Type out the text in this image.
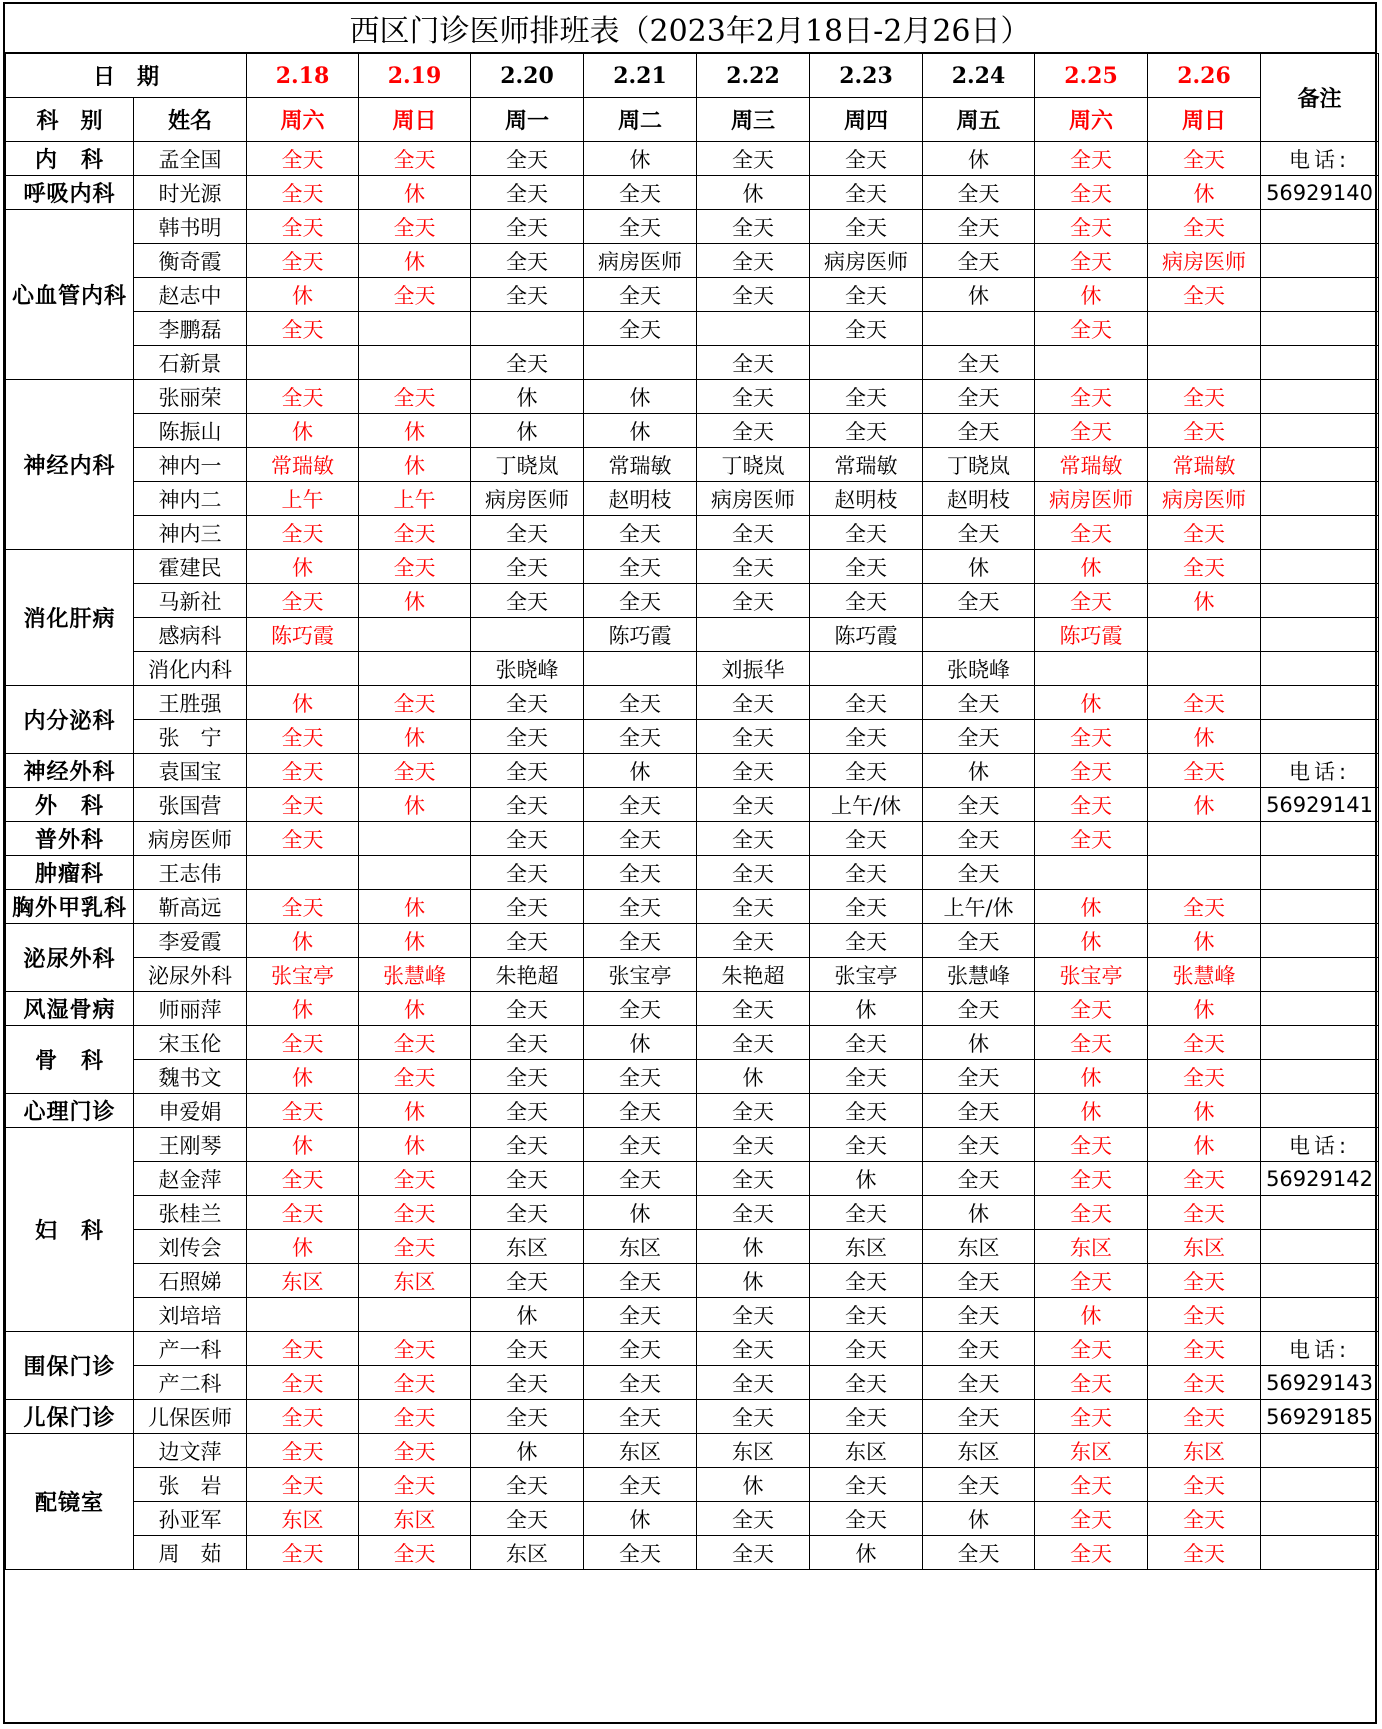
西区门诊医师排班表（2023年2月18日-2月26日）
日　期		2.18	2.19	2.20	2.21	2.22	2.23	2.24	2.25	2.26	备注
科　别	姓名	周六	周日	周一	周二	周三	周四	周五	周六	周日	
内　科	孟全国	全天	全天	全天	休	全天	全天	休	全天	全天	电话:
呼吸内科	时光源	全天	休	全天	全天	休	全天	全天	全天	休	56929140
心血管内科	韩书明	全天	全天	全天	全天	全天	全天	全天	全天	全天	
	衡奇霞	全天	休	全天	病房医师	全天	病房医师	全天	全天	病房医师	
	赵志中	休	全天	全天	全天	全天	全天	休	休	全天	
	李鹏磊	全天			全天		全天		全天		
	石新景			全天		全天		全天			
神经内科	张丽荣	全天	全天	休	休	全天	全天	全天	全天	全天	
	陈振山	休	休	休	休	全天	全天	全天	全天	全天	
	神内一	常瑞敏	休	丁晓岚	常瑞敏	丁晓岚	常瑞敏	丁晓岚	常瑞敏	常瑞敏	
	神内二	上午	上午	病房医师	赵明枝	病房医师	赵明枝	赵明枝	病房医师	病房医师	
	神内三	全天	全天	全天	全天	全天	全天	全天	全天	全天	
消化肝病	霍建民	休	全天	全天	全天	全天	全天	休	休	全天	
	马新社	全天	休	全天	全天	全天	全天	全天	全天	休	
	感病科	陈巧霞			陈巧霞		陈巧霞		陈巧霞		
	消化内科			张晓峰		刘振华		张晓峰			
内分泌科	王胜强	休	全天	全天	全天	全天	全天	全天	休	全天	
	张　宁	全天	休	全天	全天	全天	全天	全天	全天	休	
神经外科	袁国宝	全天	全天	全天	休	全天	全天	休	全天	全天	电话:
外　科	张国营	全天	休	全天	全天	全天	上午/休	全天	全天	休	56929141
普外科	病房医师	全天		全天	全天	全天	全天	全天	全天		
肿瘤科	王志伟			全天	全天	全天	全天	全天			
胸外甲乳科	靳高远	全天	休	全天	全天	全天	全天	上午/休	休	全天	
泌尿外科	李爱霞	休	休	全天	全天	全天	全天	全天	休	休	
	泌尿外科	张宝亭	张慧峰	朱艳超	张宝亭	朱艳超	张宝亭	张慧峰	张宝亭	张慧峰	
风湿骨病	师丽萍	休	休	全天	全天	全天	休	全天	全天	休	
骨　科	宋玉伦	全天	全天	全天	休	全天	全天	休	全天	全天	
	魏书文	休	全天	全天	全天	休	全天	全天	休	全天	
心理门诊	申爱娟	全天	休	全天	全天	全天	全天	全天	休	休	
妇　科	王刚琴	休	休	全天	全天	全天	全天	全天	全天	休	电话:
	赵金萍	全天	全天	全天	全天	全天	休	全天	全天	全天	56929142
	张桂兰	全天	全天	全天	休	全天	全天	休	全天	全天	
	刘传会	休	全天	东区	东区	休	东区	东区	东区	东区	
	石照娣	东区	东区	全天	全天	休	全天	全天	全天	全天	
	刘培培			休	全天	全天	全天	全天	休	全天	
围保门诊	产一科	全天	全天	全天	全天	全天	全天	全天	全天	全天	电话:
	产二科	全天	全天	全天	全天	全天	全天	全天	全天	全天	56929143
儿保门诊	儿保医师	全天	全天	全天	全天	全天	全天	全天	全天	全天	56929185
配镜室	边文萍	全天	全天	休	东区	东区	东区	东区	东区	东区	
	张　岩	全天	全天	全天	全天	休	全天	全天	全天	全天	
	孙亚军	东区	东区	全天	休	全天	全天	休	全天	全天	
	周　茹	全天	全天	东区	全天	全天	休	全天	全天	全天	
